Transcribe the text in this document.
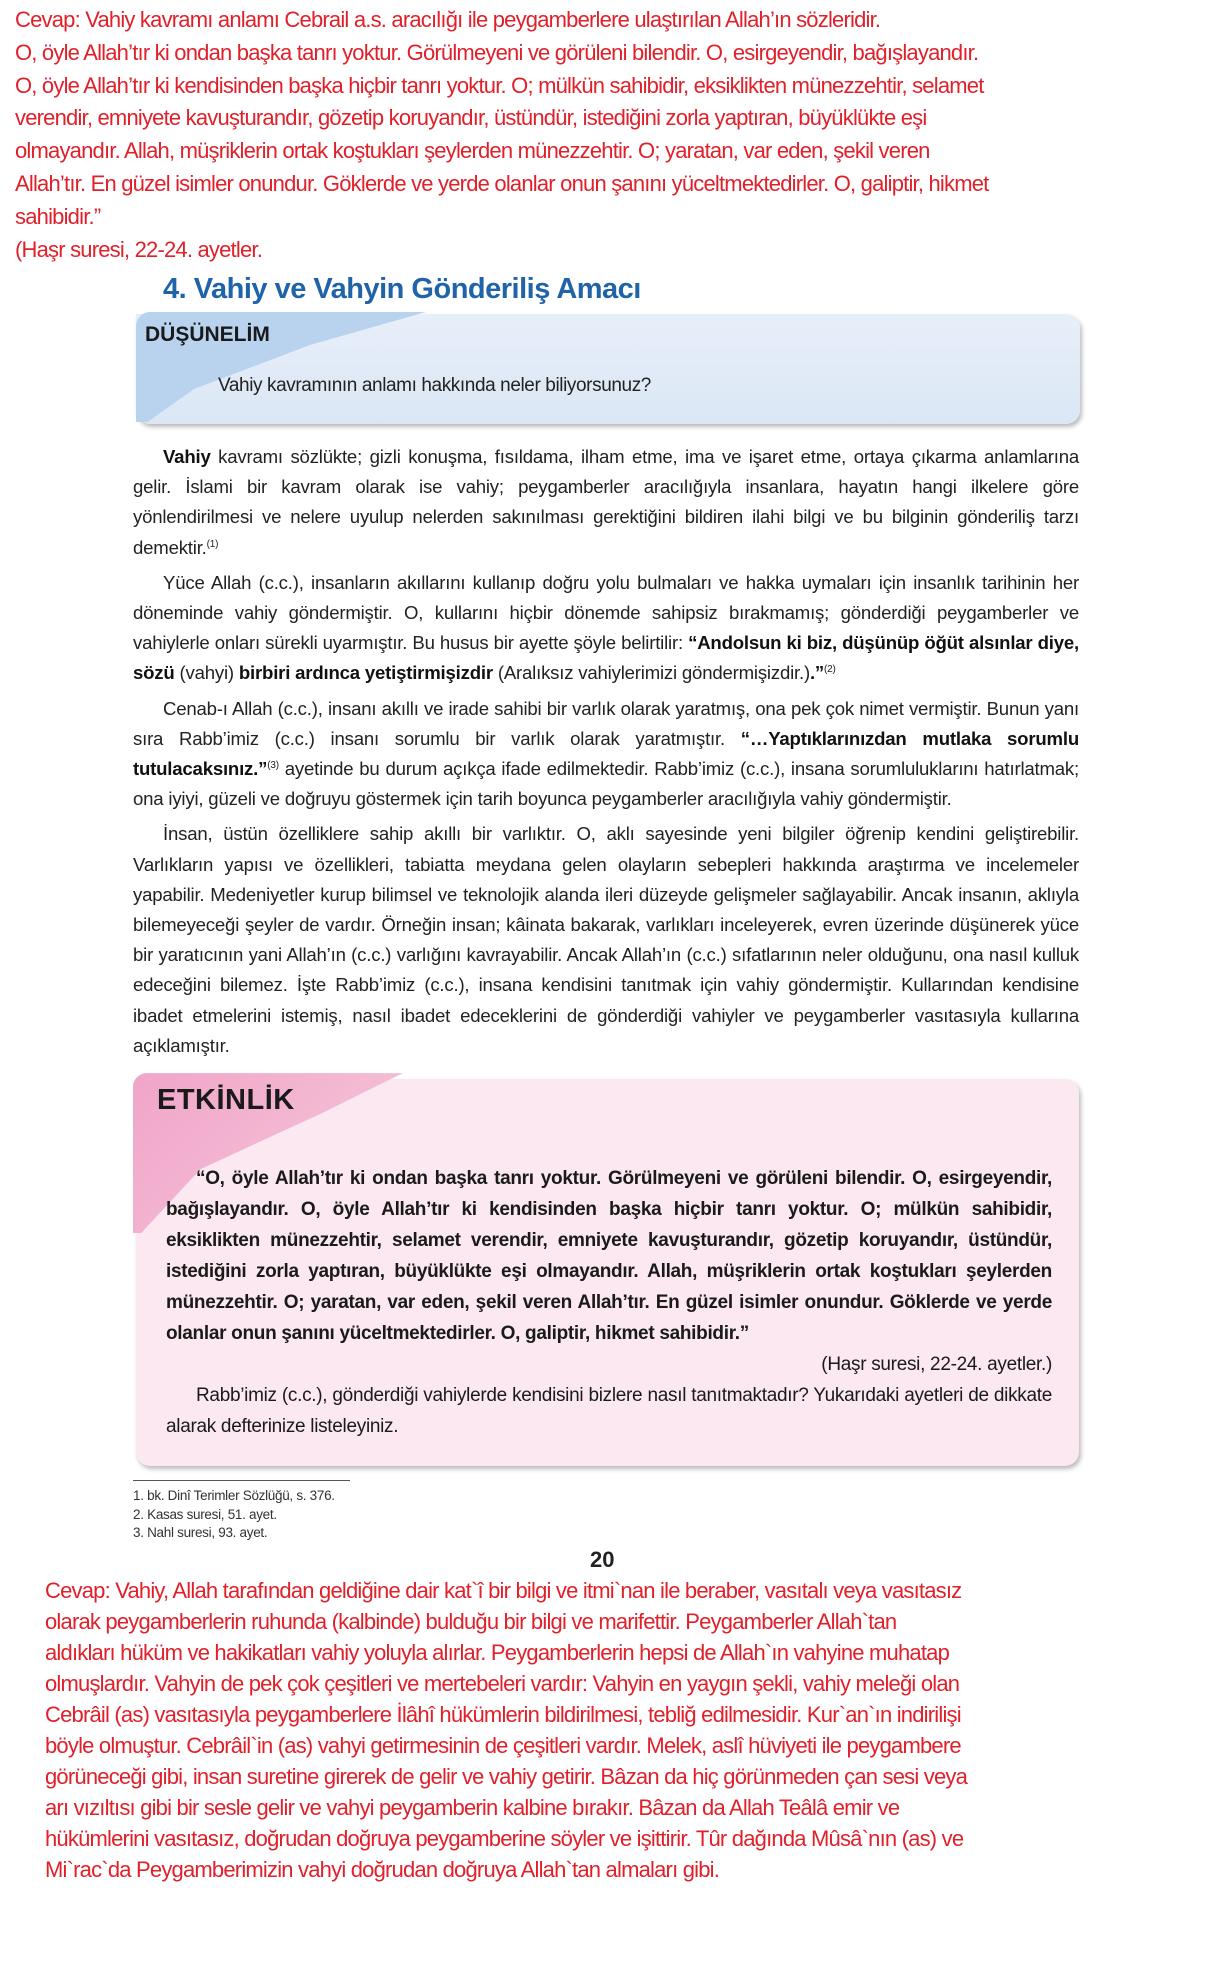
Cevap: Vahiy kavramı anlamı Cebrail a.s. aracılığı ile peygamberlere ulaştırılan Allah’ın sözleridir.
O, öyle Allah’tır ki ondan başka tanrı yoktur. Görülmeyeni ve görüleni bilendir. O, esirgeyendir, bağışlayandır.
O, öyle Allah’tır ki kendisinden başka hiçbir tanrı yoktur. O; mülkün sahibidir, eksiklikten münezzehtir, selamet
verendir, emniyete kavuşturandır, gözetip koruyandır, üstündür, istediğini zorla yaptıran, büyüklükte eşi
olmayandır. Allah, müşriklerin ortak koştukları şeylerden münezzehtir. O; yaratan, var eden, şekil veren
Allah’tır. En güzel isimler onundur. Göklerde ve yerde olanlar onun şanını yüceltmektedirler. O, galiptir, hikmet
sahibidir.”
(Haşr suresi, 22-24. ayetler.
4. Vahiy ve Vahyin Gönderiliş Amacı
DÜŞÜNELİM
Vahiy kavramının anlamı hakkında neler biliyorsunuz?

Vahiy kavramı sözlükte; gizli konuşma, fısıldama, ilham etme, ima ve işaret etme, ortaya çıkarma anlamlarına gelir. İslami bir kavram olarak ise vahiy; peygamberler aracılığıyla insanlara, hayatın hangi ilkelere göre yönlendirilmesi ve nelere uyulup nelerden sakınılması gerektiğini bildiren ilahi bilgi ve bu bilginin gönderiliş tarzı demektir.$^{(1)}$

Yüce Allah (c.c.), insanların akıllarını kullanıp doğru yolu bulmaları ve hakka uymaları için insanlık tarihinin her döneminde vahiy göndermiştir. O, kullarını hiçbir dönemde sahipsiz bırakmamış; gönderdiği peygamberler ve vahiylerle onları sürekli uyarmıştır. Bu husus bir ayette şöyle belirtilir: “Andolsun ki biz, düşünüp öğüt alsınlar diye, sözü (vahyi) birbiri ardınca yetiştirmişizdir (Aralıksız vahiylerimizi göndermişizdir.).”$^{(2)}$

Cenab-ı Allah (c.c.), insanı akıllı ve irade sahibi bir varlık olarak yaratmış, ona pek çok nimet vermiştir. Bunun yanı sıra Rabb’imiz (c.c.) insanı sorumlu bir varlık olarak yaratmıştır. “…Yaptıklarınızdan mutlaka sorumlu tutulacaksınız.”$^{(3)}$ ayetinde bu durum açıkça ifade edilmektedir. Rabb’imiz (c.c.), insana sorumluluklarını hatırlatmak; ona iyiyi, güzeli ve doğruyu göstermek için tarih boyunca peygamberler aracılığıyla vahiy göndermiştir.

İnsan, üstün özelliklere sahip akıllı bir varlıktır. O, aklı sayesinde yeni bilgiler öğrenip kendini geliştirebilir. Varlıkların yapısı ve özellikleri, tabiatta meydana gelen olayların sebepleri hakkında araştırma ve incelemeler yapabilir. Medeniyetler kurup bilimsel ve teknolojik alanda ileri düzeyde gelişmeler sağlayabilir. Ancak insanın, aklıyla bilemeyeceği şeyler de vardır. Örneğin insan; kâinata bakarak, varlıkları inceleyerek, evren üzerinde düşünerek yüce bir yaratıcının yani Allah’ın (c.c.) varlığını kavrayabilir. Ancak Allah’ın (c.c.) sıfatlarının neler olduğunu, ona nasıl kulluk edeceğini bilemez. İşte Rabb’imiz (c.c.), insana kendisini tanıtmak için vahiy göndermiştir. Kullarından kendisine ibadet etmelerini istemiş, nasıl ibadet edeceklerini de gönderdiği vahiyler ve peygamberler vasıtasıyla kullarına açıklamıştır.

ETKİNLİK

“O, öyle Allah’tır ki ondan başka tanrı yoktur. Görülmeyeni ve görüleni bilendir. O, esirgeyendir, bağışlayandır. O, öyle Allah’tır ki kendisinden başka hiçbir tanrı yoktur. O; mülkün sahibidir, eksiklikten münezzehtir, selamet verendir, emniyete kavuşturandır, gözetip koruyandır, üstündür, istediğini zorla yaptıran, büyüklükte eşi olmayandır. Allah, müşriklerin ortak koştukları şeylerden münezzehtir. O; yaratan, var eden, şekil veren Allah’tır. En güzel isimler onundur. Göklerde ve yerde olanlar onun şanını yüceltmektedirler. O, galiptir, hikmet sahibidir.”

(Haşr suresi, 22-24. ayetler.)

Rabb’imiz (c.c.), gönderdiği vahiylerde kendisini bizlere nasıl tanıtmaktadır? Yukarıdaki ayetleri de dikkate alarak defterinize listeleyiniz.

1. bk. Dinî Terimler Sözlüğü, s. 376.
2. Kasas suresi, 51. ayet.
3. Nahl suresi, 93. ayet.
20
Cevap: Vahiy, Allah tarafından geldiğine dair kat`î bir bilgi ve itmi`nan ile beraber, vasıtalı veya vasıtasız
olarak peygamberlerin ruhunda (kalbinde) bulduğu bir bilgi ve marifettir. Peygamberler Allah`tan
aldıkları hüküm ve hakikatları vahiy yoluyla alırlar. Peygamberlerin hepsi de Allah`ın vahyine muhatap
olmuşlardır. Vahyin de pek çok çeşitleri ve mertebeleri vardır: Vahyin en yaygın şekli, vahiy meleği olan
Cebrâil (as) vasıtasıyla peygamberlere İlâhî hükümlerin bildirilmesi, tebliğ edilmesidir. Kur`an`ın indirilişi
böyle olmuştur. Cebrâil`in (as) vahyi getirmesinin de çeşitleri vardır. Melek, aslî hüviyeti ile peygambere
görüneceği gibi, insan suretine girerek de gelir ve vahiy getirir. Bâzan da hiç görünmeden çan sesi veya
arı vızıltısı gibi bir sesle gelir ve vahyi peygamberin kalbine bırakır. Bâzan da Allah Teâlâ emir ve
hükümlerini vasıtasız, doğrudan doğruya peygamberine söyler ve işittirir. Tûr dağında Mûsâ`nın (as) ve
Mi`rac`da Peygamberimizin vahyi doğrudan doğruya Allah`tan almaları gibi.
